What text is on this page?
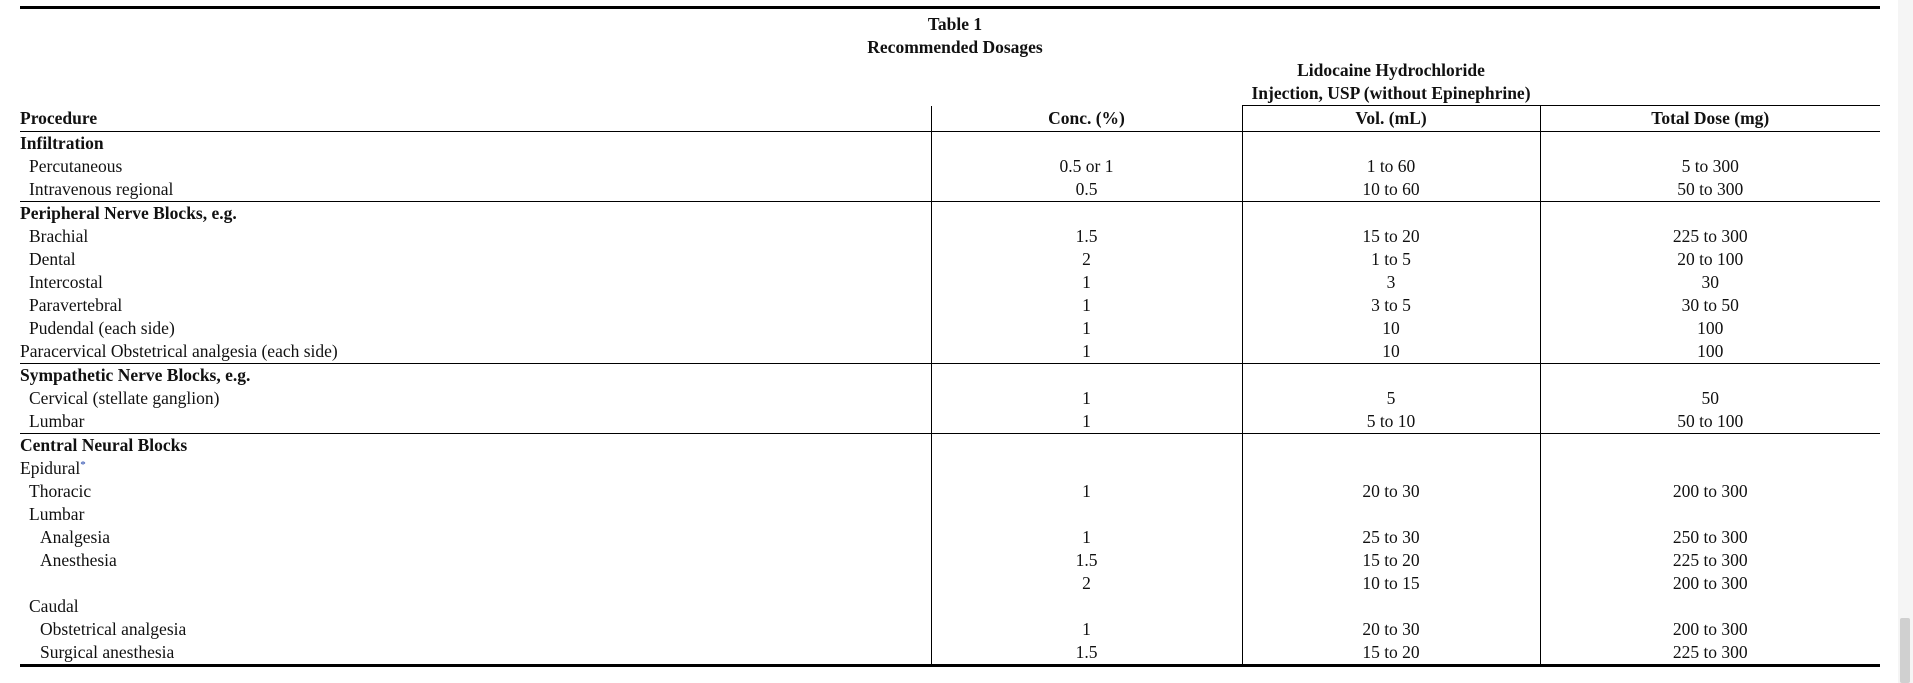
Table 1
Recommended Dosages

		Lidocaine Hydrochloride
Injection, USP (without Epinephrine)	

Procedure	Conc. (%)	Vol. (mL)	Total Dose (mg)
Infiltration			
Percutaneous	0.5 or 1	1 to 60	5 to 300
Intravenous regional	0.5	10 to 60	50 to 300
Peripheral Nerve Blocks, e.g.			
Brachial	1.5	15 to 20	225 to 300
Dental	2	1 to 5	20 to 100
Intercostal	1	3	30
Paravertebral	1	3 to 5	30 to 50
Pudendal (each side)	1	10	100
Paracervical Obstetrical analgesia (each side)	1	10	100
Sympathetic Nerve Blocks, e.g.			
Cervical (stellate ganglion)	1	5	50
Lumbar	1	5 to 10	50 to 100
Central Neural Blocks			
Epidural*			
Thoracic	1	20 to 30	200 to 300
Lumbar			
Analgesia	1	25 to 30	250 to 300
Anesthesia	1.5	15 to 20	225 to 300
	2	10 to 15	200 to 300
Caudal			
Obstetrical analgesia	1	20 to 30	200 to 300
Surgical anesthesia	1.5	15 to 20	225 to 300
